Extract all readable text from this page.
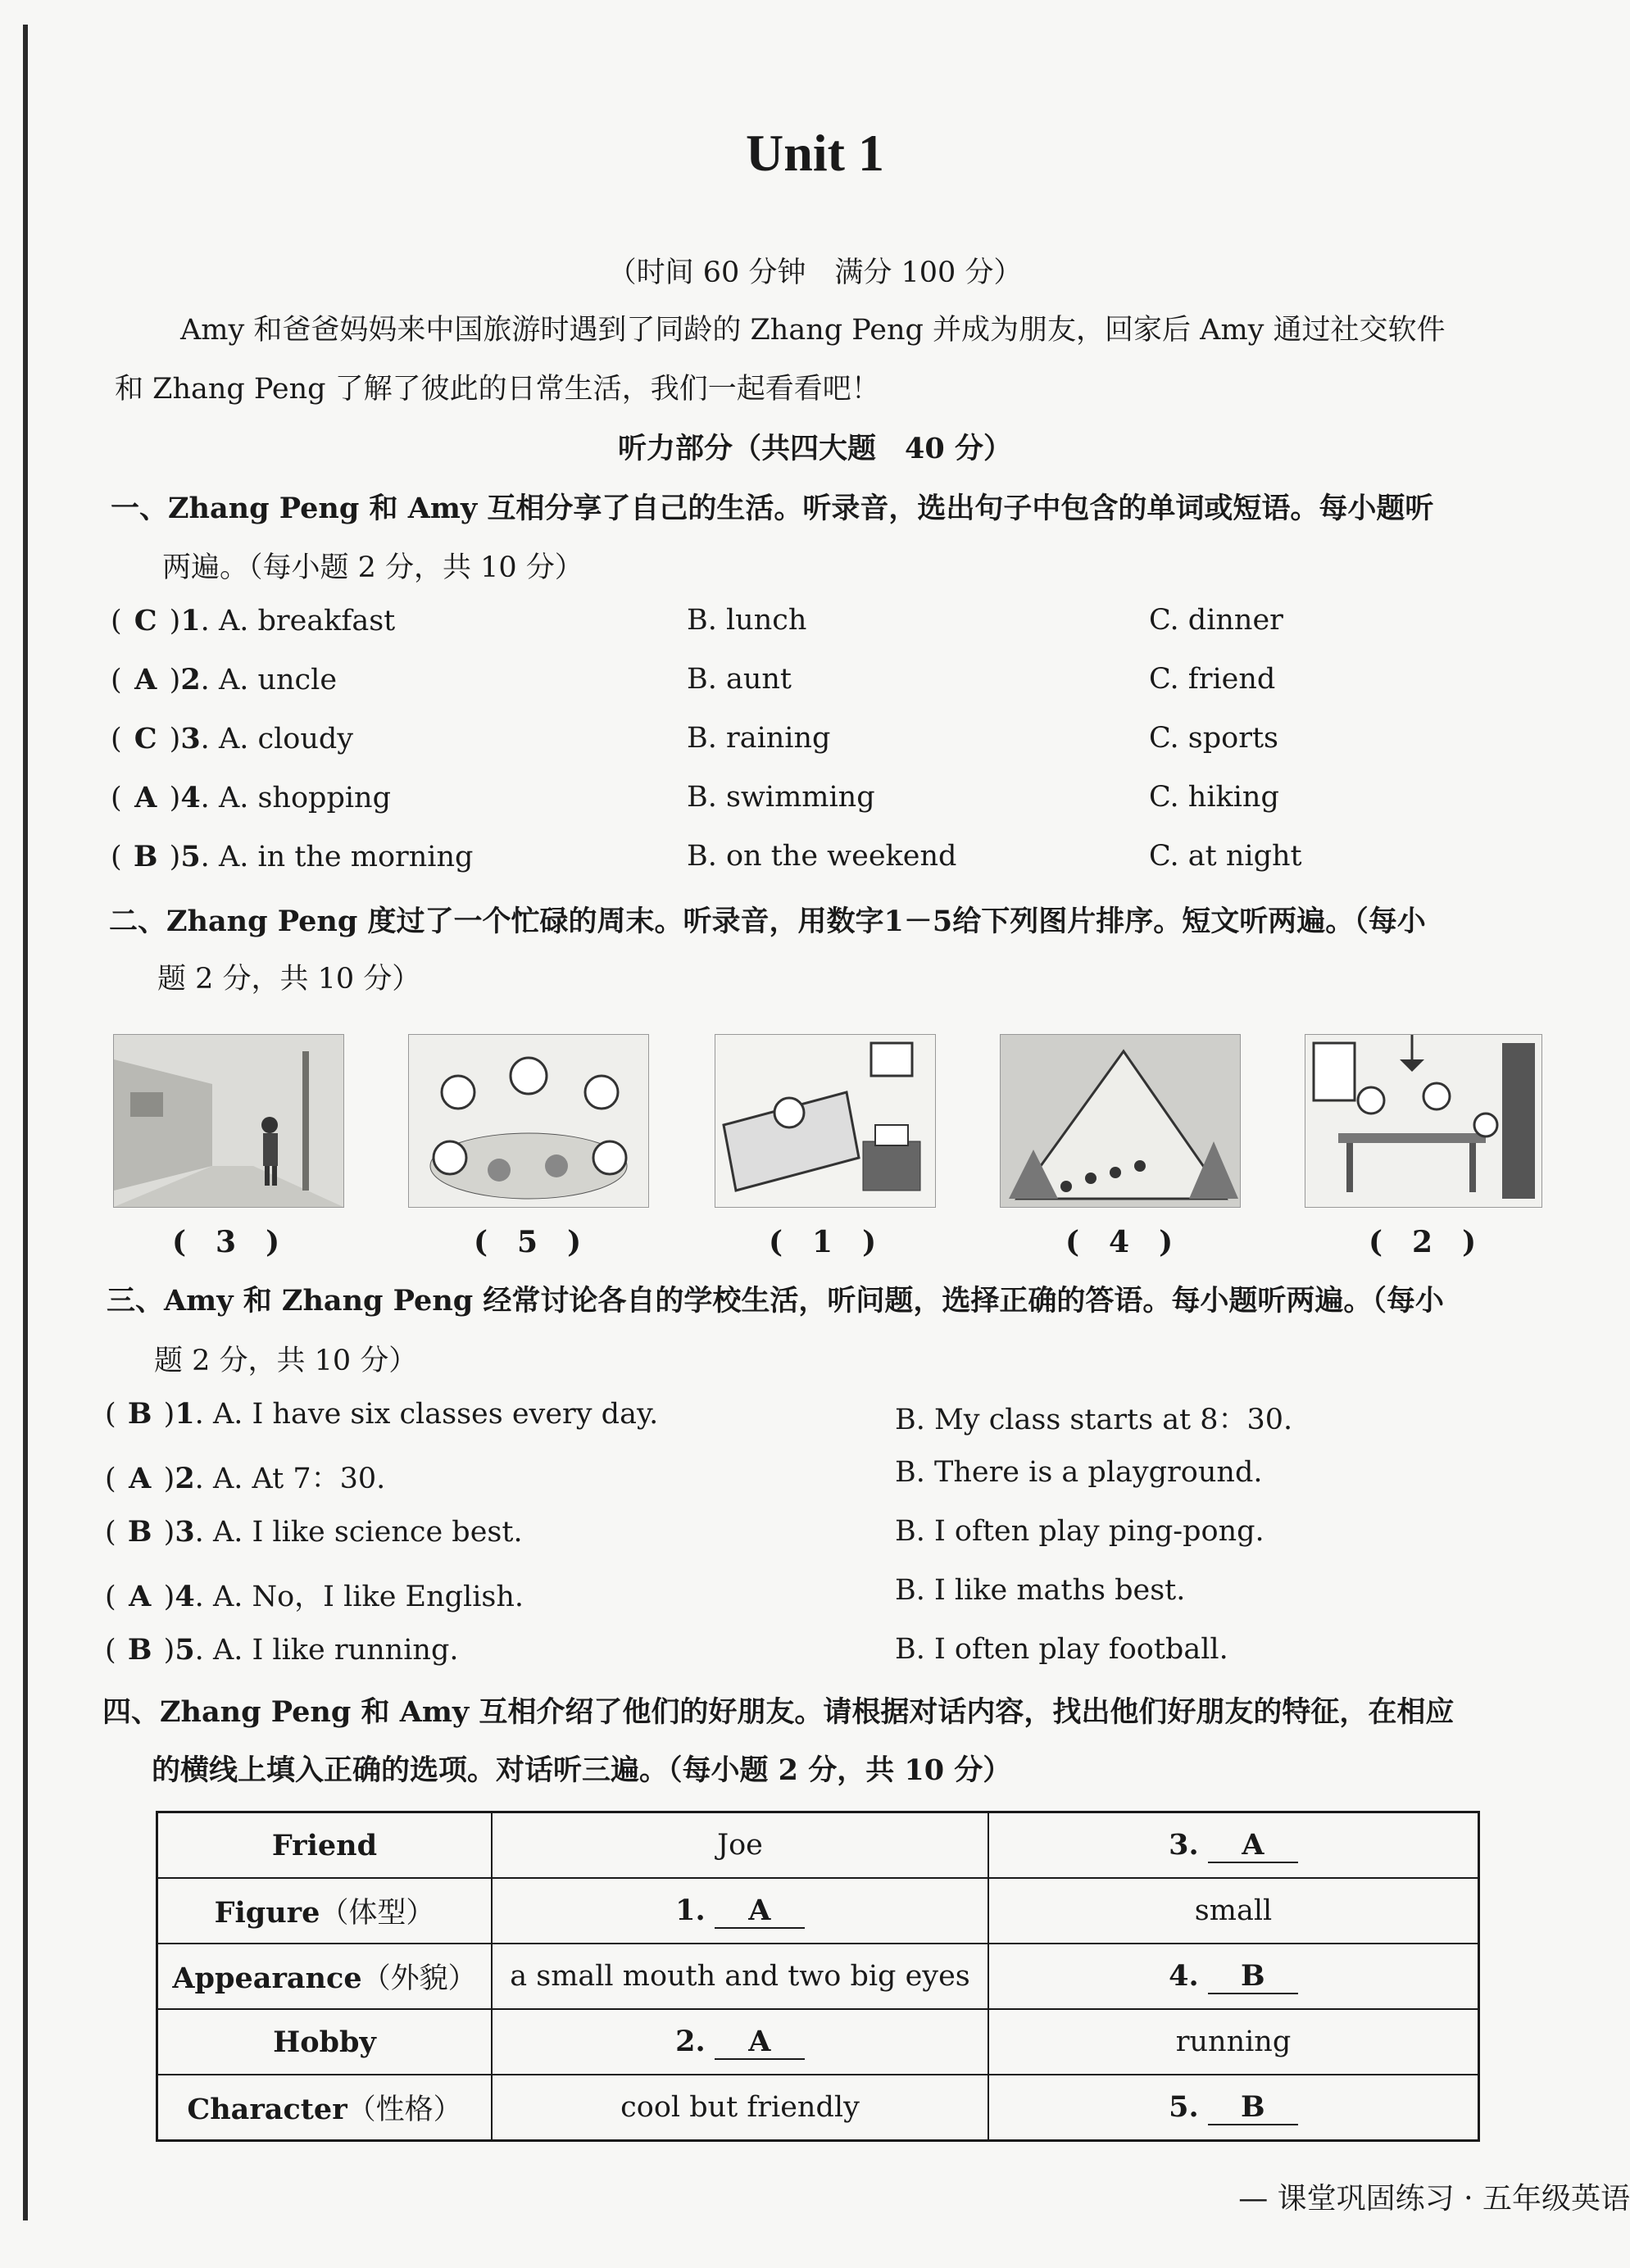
Unit 1
（时间 60 分钟　满分 100 分）
Amy 和爸爸妈妈来中国旅游时遇到了同龄的 Zhang Peng 并成为朋友，回家后 Amy 通过社交软件
和 Zhang Peng 了解了彼此的日常生活，我们一起看看吧！
听力部分（共四大题　40 分）
一、Zhang Peng 和 Amy 互相分享了自己的生活。听录音，选出句子中包含的单词或短语。每小题听
两遍。（每小题 2 分，共 10 分）
( C )1. A. breakfast	B. lunch	C. dinner
( A )2. A. uncle	B. aunt	C. friend
( C )3. A. cloudy	B. raining	C. sports
( A )4. A. shopping	B. swimming	C. hiking
( B )5. A. in the morning	B. on the weekend	C. at night
二、Zhang Peng 度过了一个忙碌的周末。听录音，用数字1－5给下列图片排序。短文听两遍。（每小
题 2 分，共 10 分）
(　3　)	(　5　)	(　1　)	(　4　)	(　2　)
三、Amy 和 Zhang Peng 经常讨论各自的学校生活，听问题，选择正确的答语。每小题听两遍。（每小
题 2 分，共 10 分）
( B )1. A. I have six classes every day.	B. My class starts at 8：30.
( A )2. A. At 7：30.	B. There is a playground.
( B )3. A. I like science best.	B. I often play ping-pong.
( A )4. A. No，I like English.	B. I like maths best.
( B )5. A. I like running.	B. I often play football.
四、Zhang Peng 和 Amy 互相介绍了他们的好朋友。请根据对话内容，找出他们好朋友的特征，在相应
的横线上填入正确的选项。对话听三遍。（每小题 2 分，共 10 分）
Friend	Joe	3. A
Figure（体型）	1. A	small
Appearance（外貌）	a small mouth and two big eyes	4. B
Hobby	2. A	running
Character（性格）	cool but friendly	5. B
— 课堂巩固练习 · 五年级英语
